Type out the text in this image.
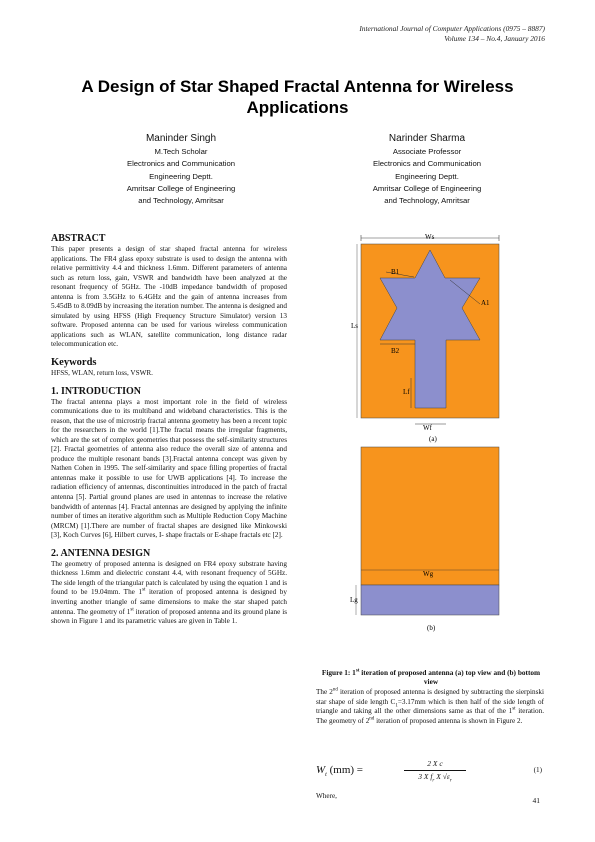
International Journal of Computer Applications (0975 – 8887)
Volume 134 – No.4, January 2016
A Design of Star Shaped Fractal Antenna for Wireless Applications
Maninder Singh
M.Tech Scholar
Electronics and Communication
Engineering Deptt.
Amritsar College of Engineering
and Technology, Amritsar
Narinder Sharma
Associate Professor
Electronics and Communication
Engineering Deptt.
Amritsar College of Engineering
and Technology, Amritsar

ABSTRACT

This paper presents a design of star shaped fractal antenna for wireless applications. The FR4 glass epoxy substrate is used to design the antenna with relative permittivity 4.4 and thickness 1.6mm. Different parameters of antenna such as return loss, gain, VSWR and bandwidth have been analyzed at the resonant frequency of 5GHz. The -10dB impedance bandwidth of proposed antenna is from 3.5GHz to 6.4GHz and the gain of antenna increases from 5.45dB to 8.09dB by increasing the iteration number. The antenna is designed and simulated by using HFSS (High Frequency Structure Simulator) version 13 software. Proposed antenna can be used for various wireless communication applications such as WLAN, satellite communication, long distance radar telecommunication etc.

Keywords

HFSS, WLAN, return loss, VSWR.

1. INTRODUCTION

The fractal antenna plays a most important role in the field of wireless communications due to its multiband and wideband characteristics. This is the reason, that the use of microstrip fractal antenna geometry has been a recent topic for the researchers in the world [1].The fractal means the irregular fragments, which are the set of complex geometries that possess the self-similarity structures [2]. Fractal geometries of antenna also reduce the overall size of antenna and produce the multiple resonant bands [3].Fractal antenna concept was given by Nathen Cohen in 1995. The self-similarity and space filling properties of fractal antennas make it possible to use for UWB applications [4]. To increase the radiation efficiency of antennas, discontinuities introduced in the patch of fractal antenna [5]. Partial ground planes are used in antennas to increase the relative bandwidth of antennas [4]. Fractal antennas are designed by applying the infinite number of times an iterative algorithm such as Multiple Reduction Copy Machine (MRCM) [1].There are number of fractal shapes are designed like Minkowski [3], Koch Curves [6], Hilbert curves, I- shape fractals or E-shape fractals etc [2].

2. ANTENNA DESIGN

The geometry of proposed antenna is designed on FR4 epoxy substrate having thickness 1.6mm and dielectric constant 4.4, with resonant frequency of 5GHz. The side length of the triangular patch is calculated by using the equation 1 and is found to be 19.04mm. The 1st iteration of proposed antenna is designed by inverting another triangle of same dimensions to make the star shaped patch antenna. The geometry of 1st iteration of proposed antenna and its ground plane is shown in Figure 1 and its parametric values are given in Table 1.

Ws
B1
A1
Ls
B2
Lf
Wf
(a)
Wg
Lg
(b)
Figure 1: 1st iteration of proposed antenna (a) top view and (b) bottom view

The 2nd iteration of proposed antenna is designed by subtracting the sierpinski star shape of side length $C_1=3.17mm$ which is then half of the side length of triangle and taking all the other dimensions same as that of the 1st iteration. The geometry of 2nd iteration of proposed antenna is shown in Figure 2.

$W_t$ (mm) =
2 X c
3 X $f_r$ X $√\varepsilon_r$
(1)
Where,	41
